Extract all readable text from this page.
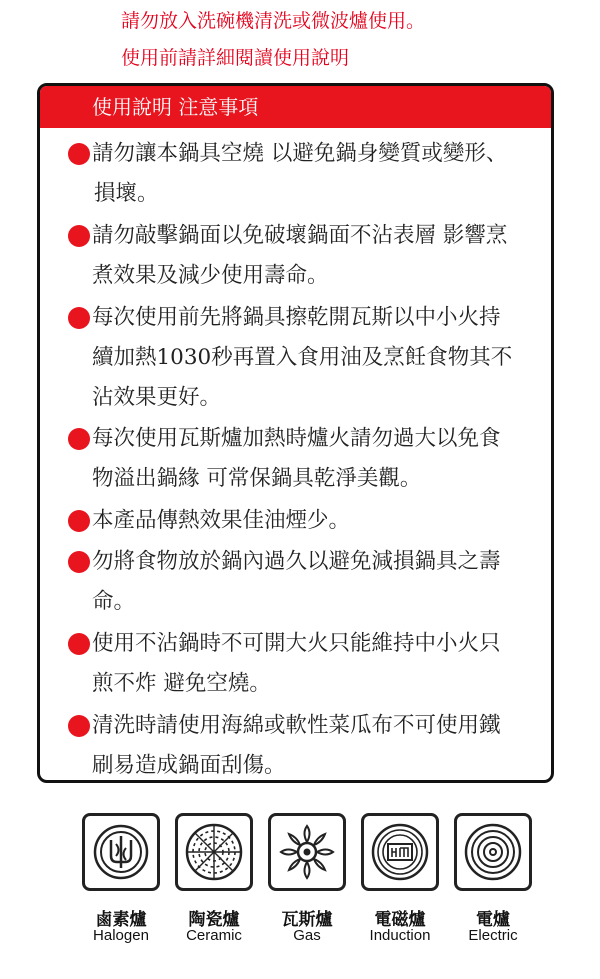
請勿放入洗碗機清洗或微波爐使用。
使用前請詳細閱讀使用說明
使用說明 注意事項
請勿讓本鍋具空燒 以避免鍋身變質或變形、
損壞。
請勿敲擊鍋面以免破壞鍋面不沾表層 影響烹
煮效果及減少使用壽命。
每次使用前先將鍋具擦乾開瓦斯以中小火持
續加熱1030秒再置入食用油及烹飪食物其不
沾效果更好。
每次使用瓦斯爐加熱時爐火請勿過大以免食
物溢出鍋緣 可常保鍋具乾淨美觀。
本產品傳熱效果佳油煙少。
勿將食物放於鍋內過久以避免減損鍋具之壽
命。
使用不沾鍋時不可開大火只能維持中小火只
煎不炸 避免空燒。
清洗時請使用海綿或軟性菜瓜布不可使用鐵
刷易造成鍋面刮傷。
鹵素爐
Halogen
陶瓷爐
Ceramic
瓦斯爐
Gas
電磁爐
Induction
電爐
Electric
